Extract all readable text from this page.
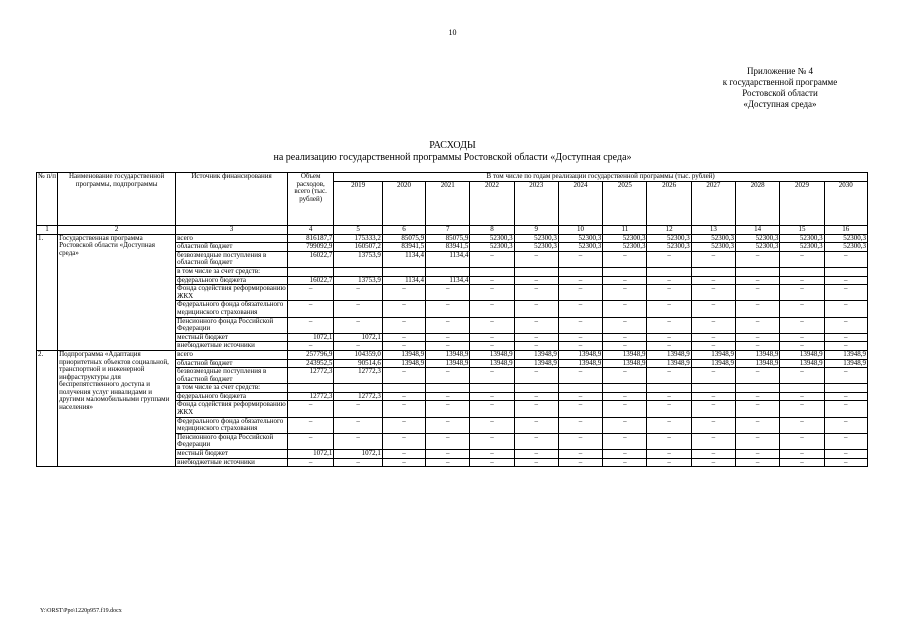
10
Приложение № 4
к государственной программе
Ростовской области
«Доступная среда»
РАСХОДЫ
на реализацию государственной программы Ростовской области «Доступная среда»
№ п/п	Наименование государственной программы, подпрограммы	Источник финансирования	Объем расходов, всего (тыс. рублей)	В том числе по годам реализации государственной программы (тыс. рублей)											
				2019	2020	2021	2022	2023	2024	2025	2026	2027	2028	2029	2030
1	2	3	4	5	6	7	8	9	10	11	12	13	14	15	16
1.	Государственная программа Ростовской области «Доступная среда»	всего	816187,7	175333,2	85075,9	85075,9	52300,3	52300,3	52300,3	52300,3	52300,3	52300,3	52300,3	52300,3	52300,3
		областной бюджет	799092,9	160507,2	83941,5	83941,5	52300,3	52300,3	52300,3	52300,3	52300,3	52300,3	52300,3	52300,3	52300,3
		безвозмездные поступления в областной бюджет	16022,7	13753,9	1134,4	1134,4	–	–	–	–	–	–	–	–	–
		в том числе за счет средств:													
		федерального бюджета	16022,7	13753,9	1134,4	1134,4	–	–	–	–	–	–	–	–	–
		Фонда содействия реформированию ЖКХ	–	–	–	–	–	–	–	–	–	–	–	–	–
		Федерального фонда обязательного медицинского страхования	–	–	–	–	–	–	–	–	–	–	–	–	–
		Пенсионного фонда Российской Федерации	–	–	–	–	–	–	–	–	–	–	–	–	–
		местный бюджет	1072,1	1072,1	–	–	–	–	–	–	–	–	–	–	–
		внебюджетные источники	–	–	–	–	–	–	–	–	–	–	–	–	–
2.	Подпрограмма «Адаптация приоритетных объектов социальной, транспортной и инженерной инфраструктуры для беспрепятственного доступа и получения услуг инвалидами и другими маломобильными группами населения»	всего	257796,9	104359,0	13948,9	13948,9	13948,9	13948,9	13948,9	13948,9	13948,9	13948,9	13948,9	13948,9	13948,9
		областной бюджет	243952,5	90514,6	13948,9	13948,9	13948,9	13948,9	13948,9	13948,9	13948,9	13948,9	13948,9	13948,9	13948,9
		безвозмездные поступления в областной бюджет	12772,3	12772,3	–	–	–	–	–	–	–	–	–	–	–
		в том числе за счет средств:													
		федерального бюджета	12772,3	12772,3	–	–	–	–	–	–	–	–	–	–	–
		Фонда содействия реформированию ЖКХ	–	–	–	–	–	–	–	–	–	–	–	–	–
		Федерального фонда обязательного медицинского страхования	–	–	–	–	–	–	–	–	–	–	–	–	–
		Пенсионного фонда Российской Федерации	–	–	–	–	–	–	–	–	–	–	–	–	–
		местный бюджет	1072,1	1072,1	–	–	–	–	–	–	–	–	–	–	–
		внебюджетные источники	–	–	–	–	–	–	–	–	–	–	–	–	–
Y:\ORST\Ppo\1220p957.f19.docx
